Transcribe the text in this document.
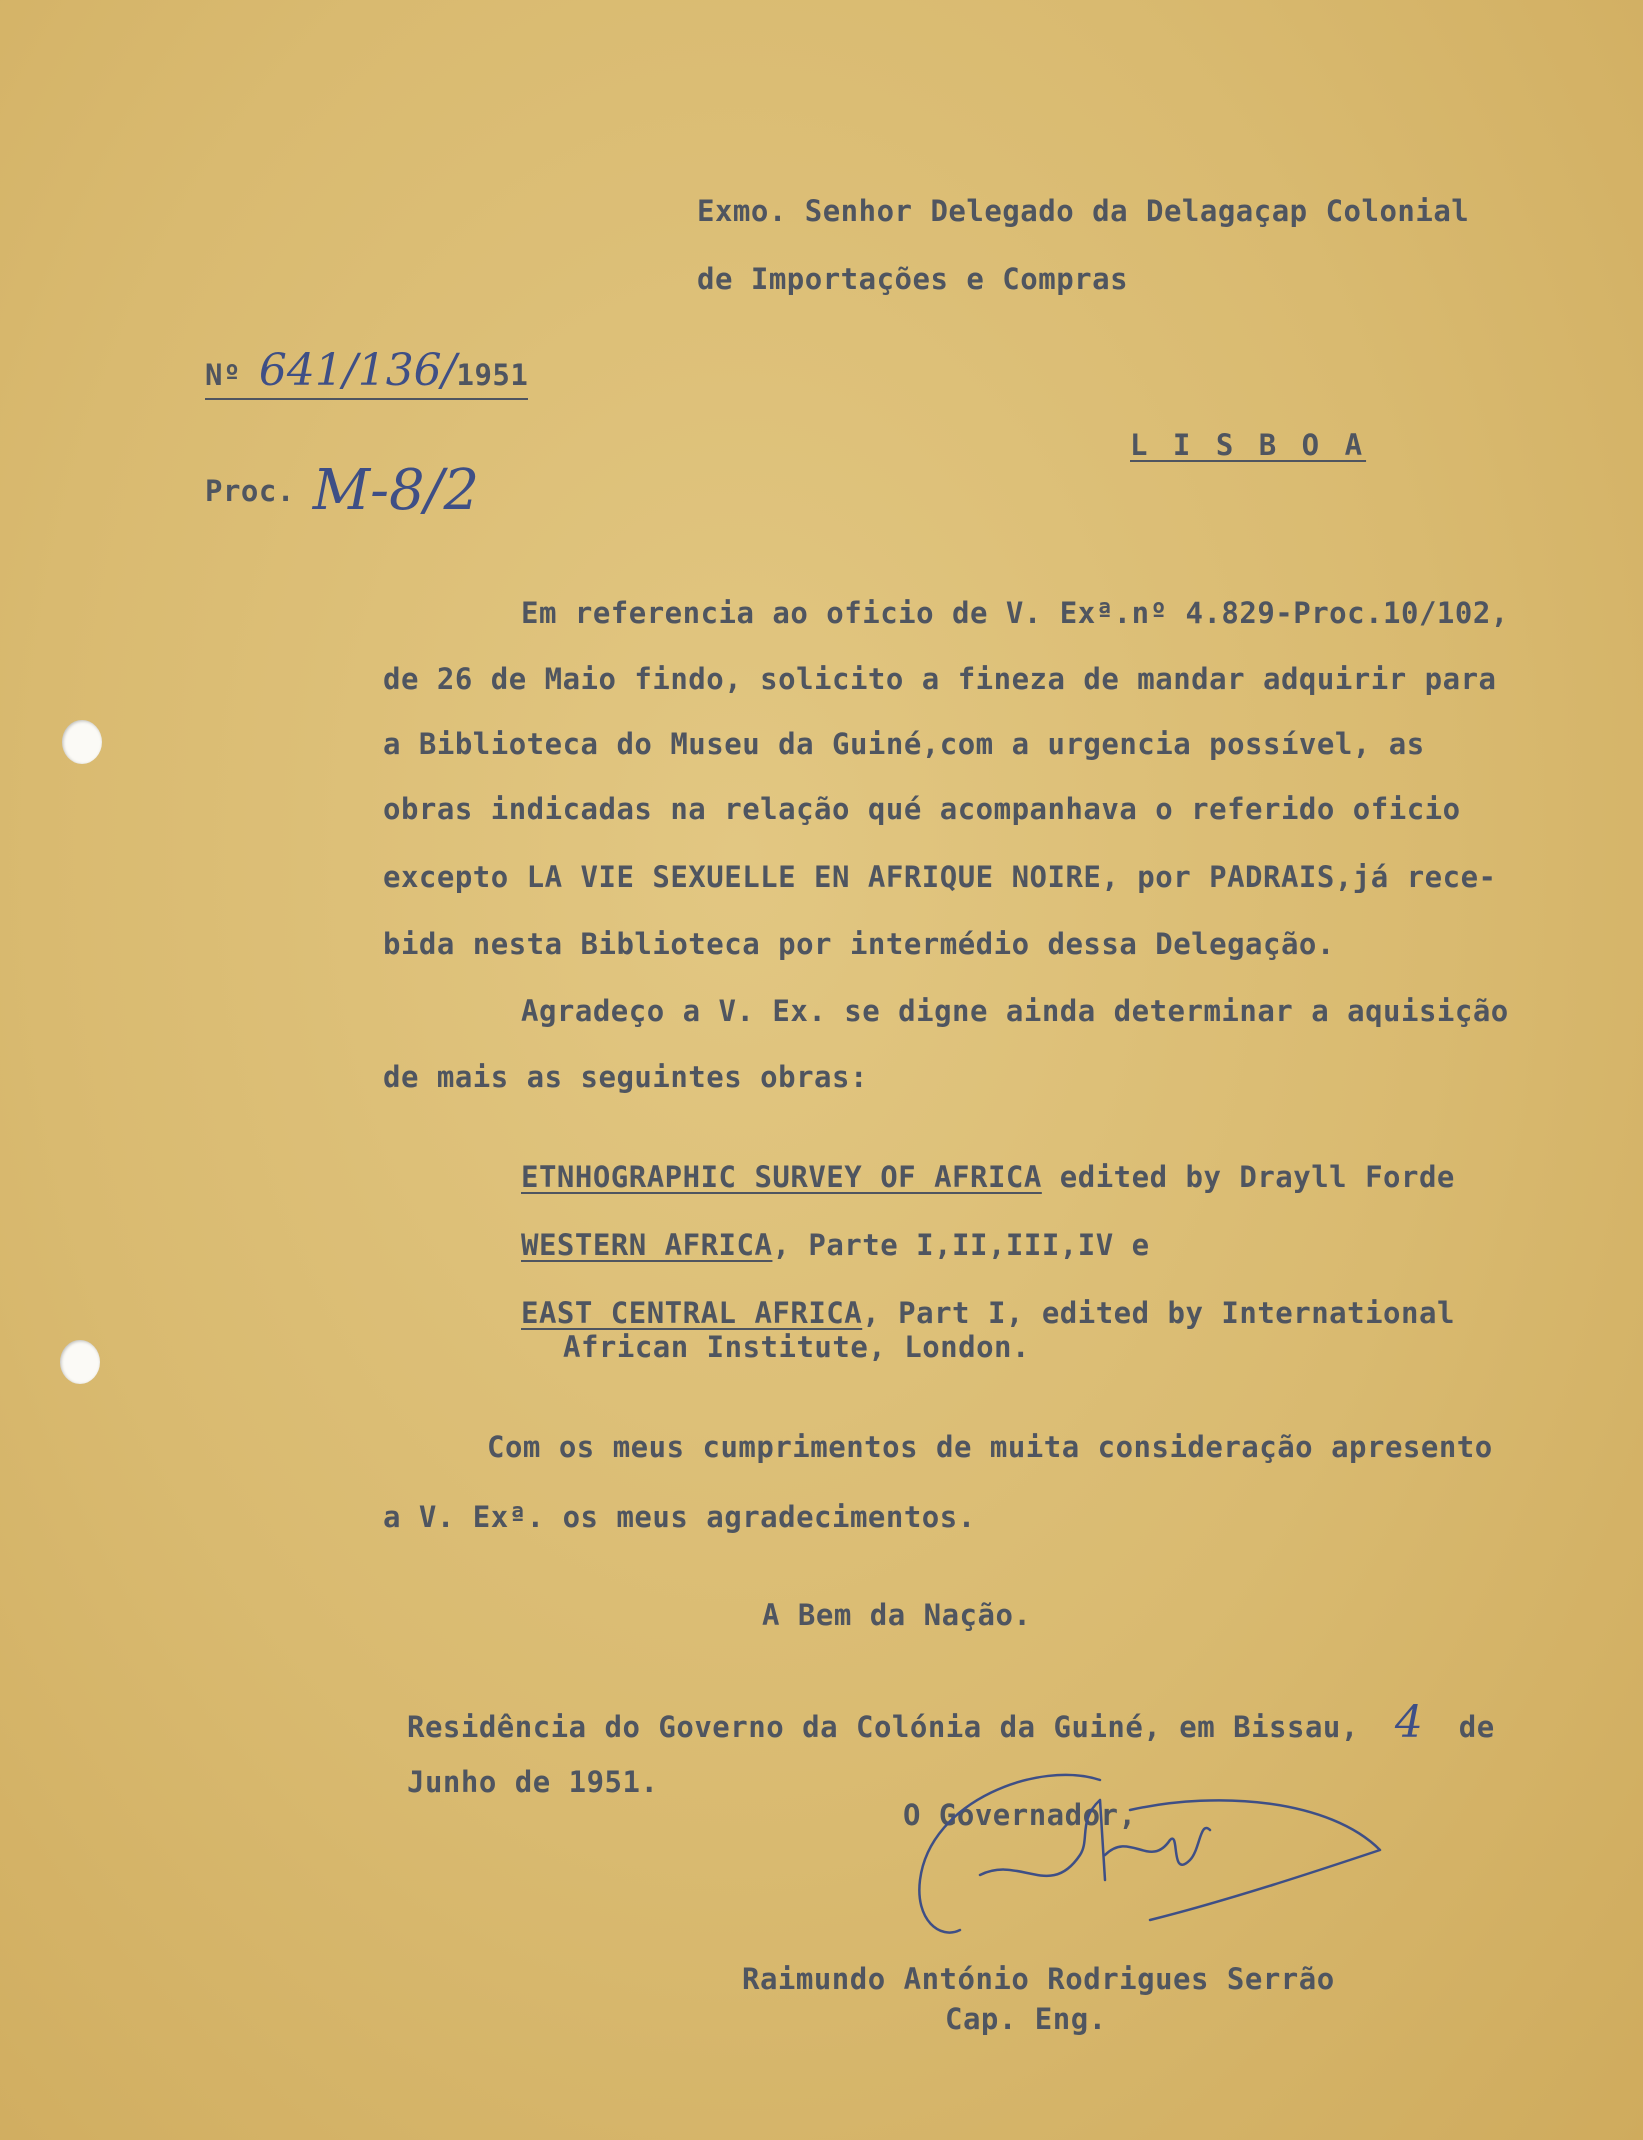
Exmo. Senhor Delegado da Delagaçap Colonial
de Importações e Compras
L I S B O A
Nº 641/136/1951
Proc. M-8/2
Em referencia ao oficio de V. Exª.nº 4.829-Proc.10/102,
de 26 de Maio findo, solicito a fineza de mandar adquirir para
a Biblioteca do Museu da Guiné,com a urgencia possível, as
obras indicadas na relação qué acompanhava o referido oficio
excepto LA VIE SEXUELLE EN AFRIQUE NOIRE, por PADRAIS,já rece-
bida nesta Biblioteca por intermédio dessa Delegação.
Agradeço a V. Ex. se digne ainda determinar a aquisição
de mais as seguintes obras:
ETNHOGRAPHIC SURVEY OF AFRICA edited by Drayll Forde
WESTERN AFRICA, Parte I,II,III,IV e
EAST CENTRAL AFRICA, Part I, edited by International
African Institute, London.
Com os meus cumprimentos de muita consideração apresento
a V. Exª. os meus agradecimentos.
A Bem da Nação.
Residência do Governo da Colónia da Guiné, em Bissau, 4 de
Junho de 1951.
O Governador,
Raimundo António Rodrigues Serrão
Cap. Eng.
